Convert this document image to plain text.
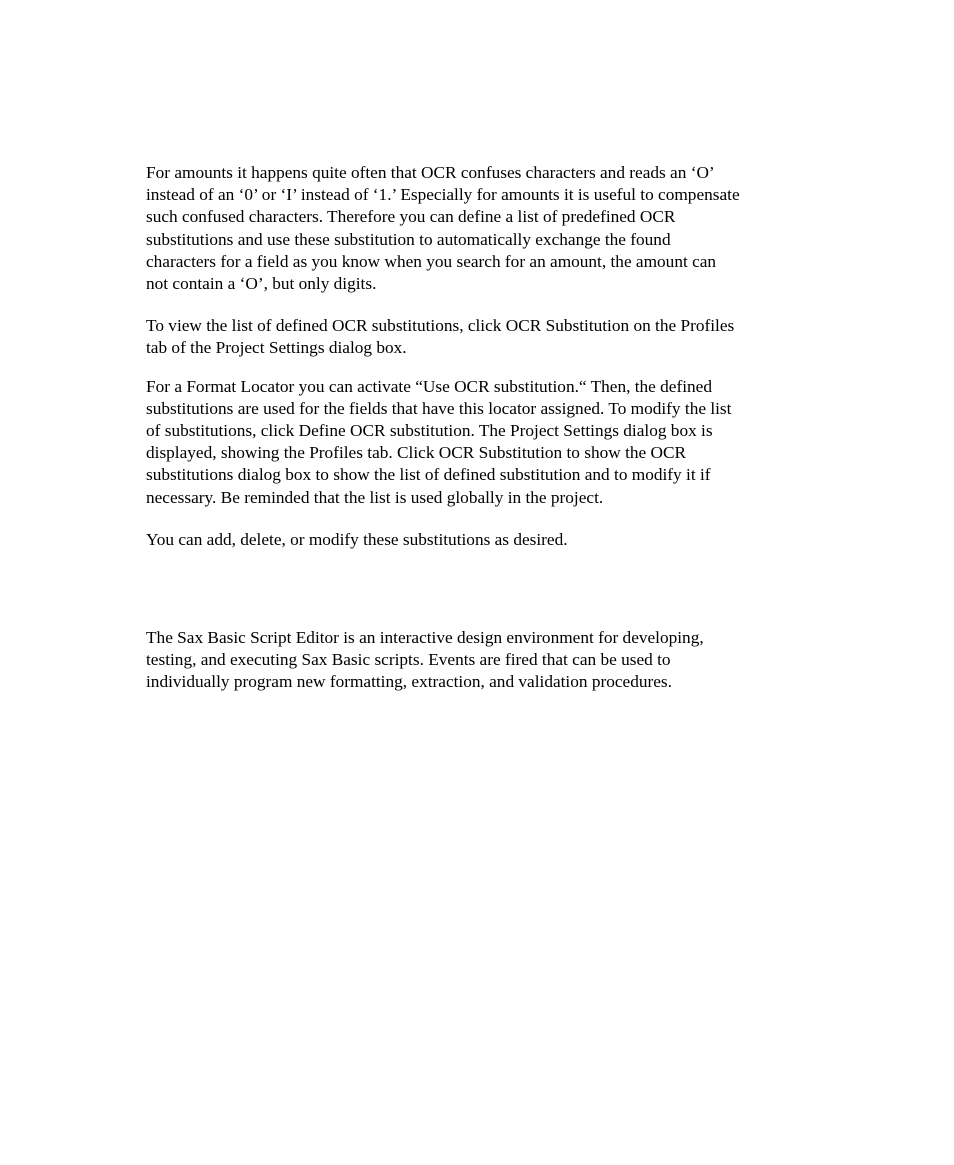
For amounts it happens quite often that OCR confuses characters and reads an ‘O’
instead of an ‘0’ or ‘I’ instead of ‘1.’ Especially for amounts it is useful to compensate
such confused characters. Therefore you can define a list of predefined OCR
substitutions and use these substitution to automatically exchange the found
characters for a field as you know when you search for an amount, the amount can
not contain a ‘O’, but only digits.

To view the list of defined OCR substitutions, click OCR Substitution on the Profiles
tab of the Project Settings dialog box.

For a Format Locator you can activate “Use OCR substitution.“ Then, the defined
substitutions are used for the fields that have this locator assigned. To modify the list
of substitutions, click Define OCR substitution. The Project Settings dialog box is
displayed, showing the Profiles tab. Click OCR Substitution to show the OCR
substitutions dialog box to show the list of defined substitution and to modify it if
necessary. Be reminded that the list is used globally in the project.

You can add, delete, or modify these substitutions as desired.

The Sax Basic Script Editor is an interactive design environment for developing,
testing, and executing Sax Basic scripts. Events are fired that can be used to
individually program new formatting, extraction, and validation procedures.
